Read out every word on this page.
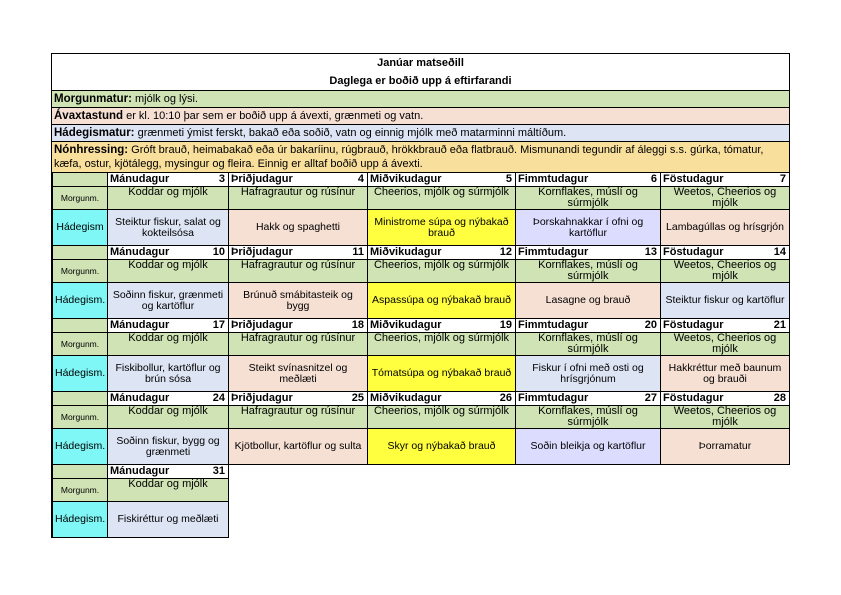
Janúar matseðill
Daglega er boðið upp á eftirfarandi
Morgunmatur: mjólk og lýsi.
Ávaxtastund er kl. 10:10 þar sem er boðið upp á ávexti, grænmeti og vatn.
Hádegismatur: grænmeti ýmist ferskt, bakað eða soðið, vatn og einnig mjólk með matarminni máltíðum.
Nónhressing: Gróft brauð, heimabakað eða úr bakaríinu, rúgbrauð, hrökkbrauð eða flatbrauð. Mismunandi tegundir af áleggi s.s. gúrka, tómatur, kæfa, ostur, kjötálegg, mysingur og fleira. Einnig er alltaf boðið upp á ávexti.
	Mánudagur	3	Þriðjudagur	4	Miðvikudagur	5	Fimmtudagur	6	Föstudagur	7
Morgunm.	Koddar og mjólk		Hafragrautur og rúsínur		Cheerios, mjólk og súrmjólk		Kornflakes, múslí og súrmjólk		Weetos, Cheerios og mjólk	
Hádegism	Steiktur fiskur, salat og kokteilsósa		Hakk og spaghetti		Ministrome súpa og nýbakað brauð		Þorskahnakkar í ofni og kartöflur		Lambagúllas og hrísgrjón	
	Mánudagur	10	Þriðjudagur	11	Miðvikudagur	12	Fimmtudagur	13	Föstudagur	14
Morgunm.	Koddar og mjólk		Hafragrautur og rúsínur		Cheerios, mjólk og súrmjólk		Kornflakes, múslí og súrmjólk		Weetos, Cheerios og mjólk	
Hádegism.	Soðinn fiskur, grænmeti og kartöflur		Brúnuð smábitasteik og bygg		Aspassúpa og nýbakað brauð		Lasagne og brauð		Steiktur fiskur og kartöflur	
	Mánudagur	17	Þriðjudagur	18	Miðvikudagur	19	Fimmtudagur	20	Föstudagur	21
Morgunm.	Koddar og mjólk		Hafragrautur og rúsínur		Cheerios, mjólk og súrmjólk		Kornflakes, múslí og súrmjólk		Weetos, Cheerios og mjólk	
Hádegism.	Fiskibollur, kartöflur og brún sósa		Steikt svínasnitzel og meðlæti		Tómatsúpa og nýbakað brauð		Fiskur í ofni með osti og hrísgrjónum		Hakkréttur með baunum og brauði	
	Mánudagur	24	Þriðjudagur	25	Miðvikudagur	26	Fimmtudagur	27	Föstudagur	28
Morgunm.	Koddar og mjólk		Hafragrautur og rúsínur		Cheerios, mjólk og súrmjólk		Kornflakes, múslí og súrmjólk		Weetos, Cheerios og mjólk	
Hádegism.	Soðinn fiskur, bygg og grænmeti		Kjötbollur, kartöflur og sulta		Skyr og nýbakað brauð		Soðin bleikja og kartöflur		Þorramatur	
	Mánudagur	31								
Morgunm.	Koddar og mjólk									
Hádegism.	Fiskiréttur og meðlæti									
